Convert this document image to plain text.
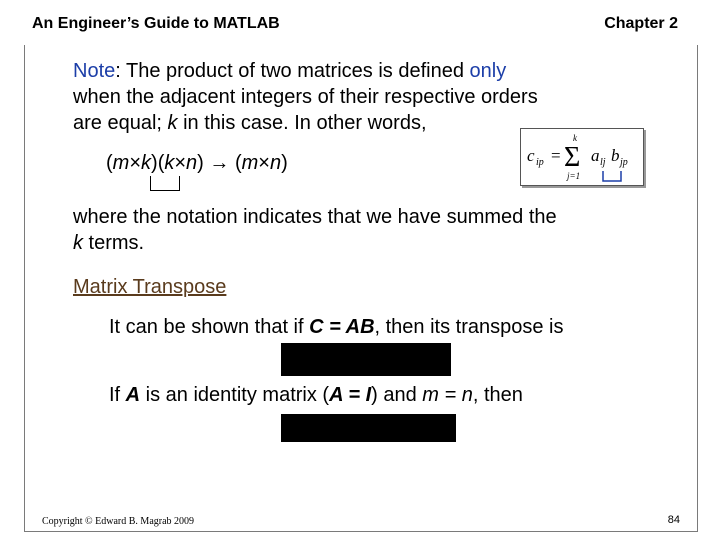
An Engineer’s Guide to MATLAB	Chapter 2
Note: The product of two matrices is defined only
when the adjacent integers of their respective orders
are equal; k in this case. In other words,
(m×k)(k×n) → (m×n)	c ip =
k
Σ
j=1
a lj b jp
where the notation indicates that we have summed the
k terms.
Matrix Transpose
It can be shown that if C = AB, then its transpose is
If A is an identity matrix (A = I) and m = n, then
Copyright © Edward B. Magrab 2009	84
